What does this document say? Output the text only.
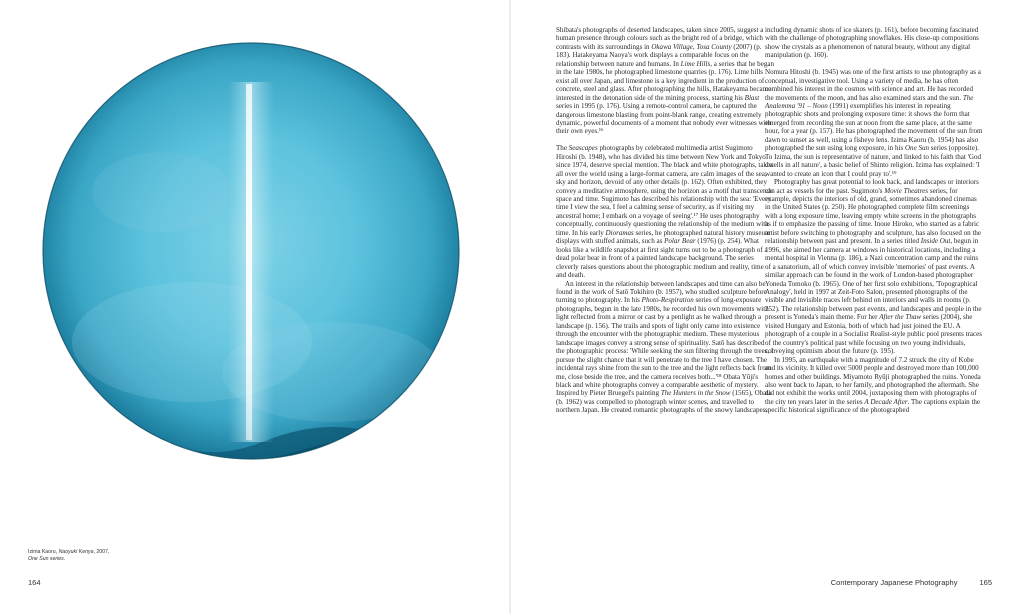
Izima Kaoru, Naoyuki Kenya, 2007,
One Sun series.
164	Contemporary Japanese Photography	165

Shibata's photographs of deserted landscapes, taken since 2005, suggest a human presence through colours such as the bright red of a bridge, which contrasts with its surroundings in Okawa Village, Tosa County (2007) (p. 183). Hatakeyama Naoya's work displays a comparable focus on the relationship between nature and humans. In Lime Hills, a series that he began in the late 1980s, he photographed limestone quarries (p. 176). Lime hills exist all over Japan, and limestone is a key ingredient in the production of concrete, steel and glass. After photographing the hills, Hatakeyama became interested in the detonation side of the mining process, starting his Blast series in 1995 (p. 176). Using a remote-control camera, he captured the dangerous limestone blasting from point-blank range, creating extremely dynamic, powerful documents of a moment that nobody ever witnesses with their own eyes.¹⁶

The Seascapes photographs by celebrated multimedia artist Sugimoto Hiroshi (b. 1948), who has divided his time between New York and Tokyo since 1974, deserve special mention. The black and white photographs, taken all over the world using a large-format camera, are calm images of the sea, sky and horizon, devoid of any other details (p. 162). Often exhibited, they convey a meditative atmosphere, using the horizon as a motif that transcends space and time. Sugimoto has described his relationship with the sea: 'Every time I view the sea, I feel a calming sense of security, as if visiting my ancestral home; I embark on a voyage of seeing'.¹⁷ He uses photography conceptually, continuously questioning the relationship of the medium with time. In his early Dioramas series, he photographed natural history museum displays with stuffed animals, such as Polar Bear (1976) (p. 254). What looks like a wildlife snapshot at first sight turns out to be a photograph of a dead polar bear in front of a painted landscape background. The series cleverly raises questions about the photographic medium and reality, time and death.

An interest in the relationship between landscapes and time can also be found in the work of Satō Tokihiro (b. 1957), who studied sculpture before turning to photography. In his Photo-Respiration series of long-exposure photographs, begun in the late 1980s, he recorded his own movements with light reflected from a mirror or cast by a penlight as he walked through a landscape (p. 156). The trails and spots of light only came into existence through the encounter with the photographic medium. These mysterious landscape images convey a strong sense of spirituality. Satō has described the photographic process: 'While seeking the sun filtering through the trees, I pursue the slight chance that it will penetrate to the tree I have chosen. The incidental rays shine from the sun to the tree and the light reflects back from me, close beside the tree, and the camera receives both...'¹⁸ Obata Yūji's black and white photographs convey a comparable aesthetic of mystery. Inspired by Pieter Bruegel's painting The Hunters in the Snow (1565), Obata (b. 1962) was compelled to photograph winter scenes, and travelled to northern Japan. He created romantic photographs of the snowy landscapes,

including dynamic shots of ice skaters (p. 161), before becoming fascinated with the challenge of photographing snowflakes. His close-up compositions show the crystals as a phenomenon of natural beauty, without any digital manipulation (p. 160).

Nomura Hitoshi (b. 1945) was one of the first artists to use photography as a conceptual, investigative tool. Using a variety of media, he has often combined his interest in the cosmos with science and art. He has recorded the movements of the moon, and has also examined stars and the sun. The Analemma '91 – Noon (1991) exemplifies his interest in repeating photographic shots and prolonging exposure time: it shows the form that emerged from recording the sun at noon from the same place, at the same hour, for a year (p. 157). He has photographed the movement of the sun from dawn to sunset as well, using a fisheye lens. Izima Kaoru (b. 1954) has also photographed the sun using long exposure, in his One Sun series (opposite). To Izima, the sun is representative of nature, and linked to his faith that 'God dwells in all nature', a basic belief of Shinto religion. Izima has explained: 'I wanted to create an icon that I could pray to'.¹⁹

Photography has great potential to look back, and landscapes or interiors can act as vessels for the past. Sugimoto's Movie Theatres series, for example, depicts the interiors of old, grand, sometimes abandoned cinemas in the United States (p. 250). He photographed complete film screenings with a long exposure time, leaving empty white screens in the photographs as if to emphasize the passing of time. Inoue Hiroko, who started as a fabric artist before switching to photography and sculpture, has also focused on the relationship between past and present. In a series titled Inside Out, begun in 1996, she aimed her camera at windows in historical locations, including a mental hospital in Vienna (p. 186), a Nazi concentration camp and the ruins of a sanatorium, all of which convey invisible 'memories' of past events. A similar approach can be found in the work of London-based photographer Yoneda Tomoko (b. 1965). One of her first solo exhibitions, 'Topographical Analogy', held in 1997 at Zeit-Foto Salon, presented photographs of the visible and invisible traces left behind on interiors and walls in rooms (p. 252). The relationship between past events, and landscapes and people in the present is Yoneda's main theme. For her After the Thaw series (2004), she visited Hungary and Estonia, both of which had just joined the EU. A photograph of a couple in a Socialist Realist-style public pool presents traces of the country's political past while focusing on two young individuals, conveying optimism about the future (p. 195).

In 1995, an earthquake with a magnitude of 7.2 struck the city of Kobe and its vicinity. It killed over 5000 people and destroyed more than 100,000 homes and other buildings. Miyamoto Ryūji photographed the ruins. Yoneda also went back to Japan, to her family, and photographed the aftermath. She did not exhibit the works until 2004, juxtaposing them with photographs of the city ten years later in the series A Decade After. The captions explain the specific historical significance of the photographed
